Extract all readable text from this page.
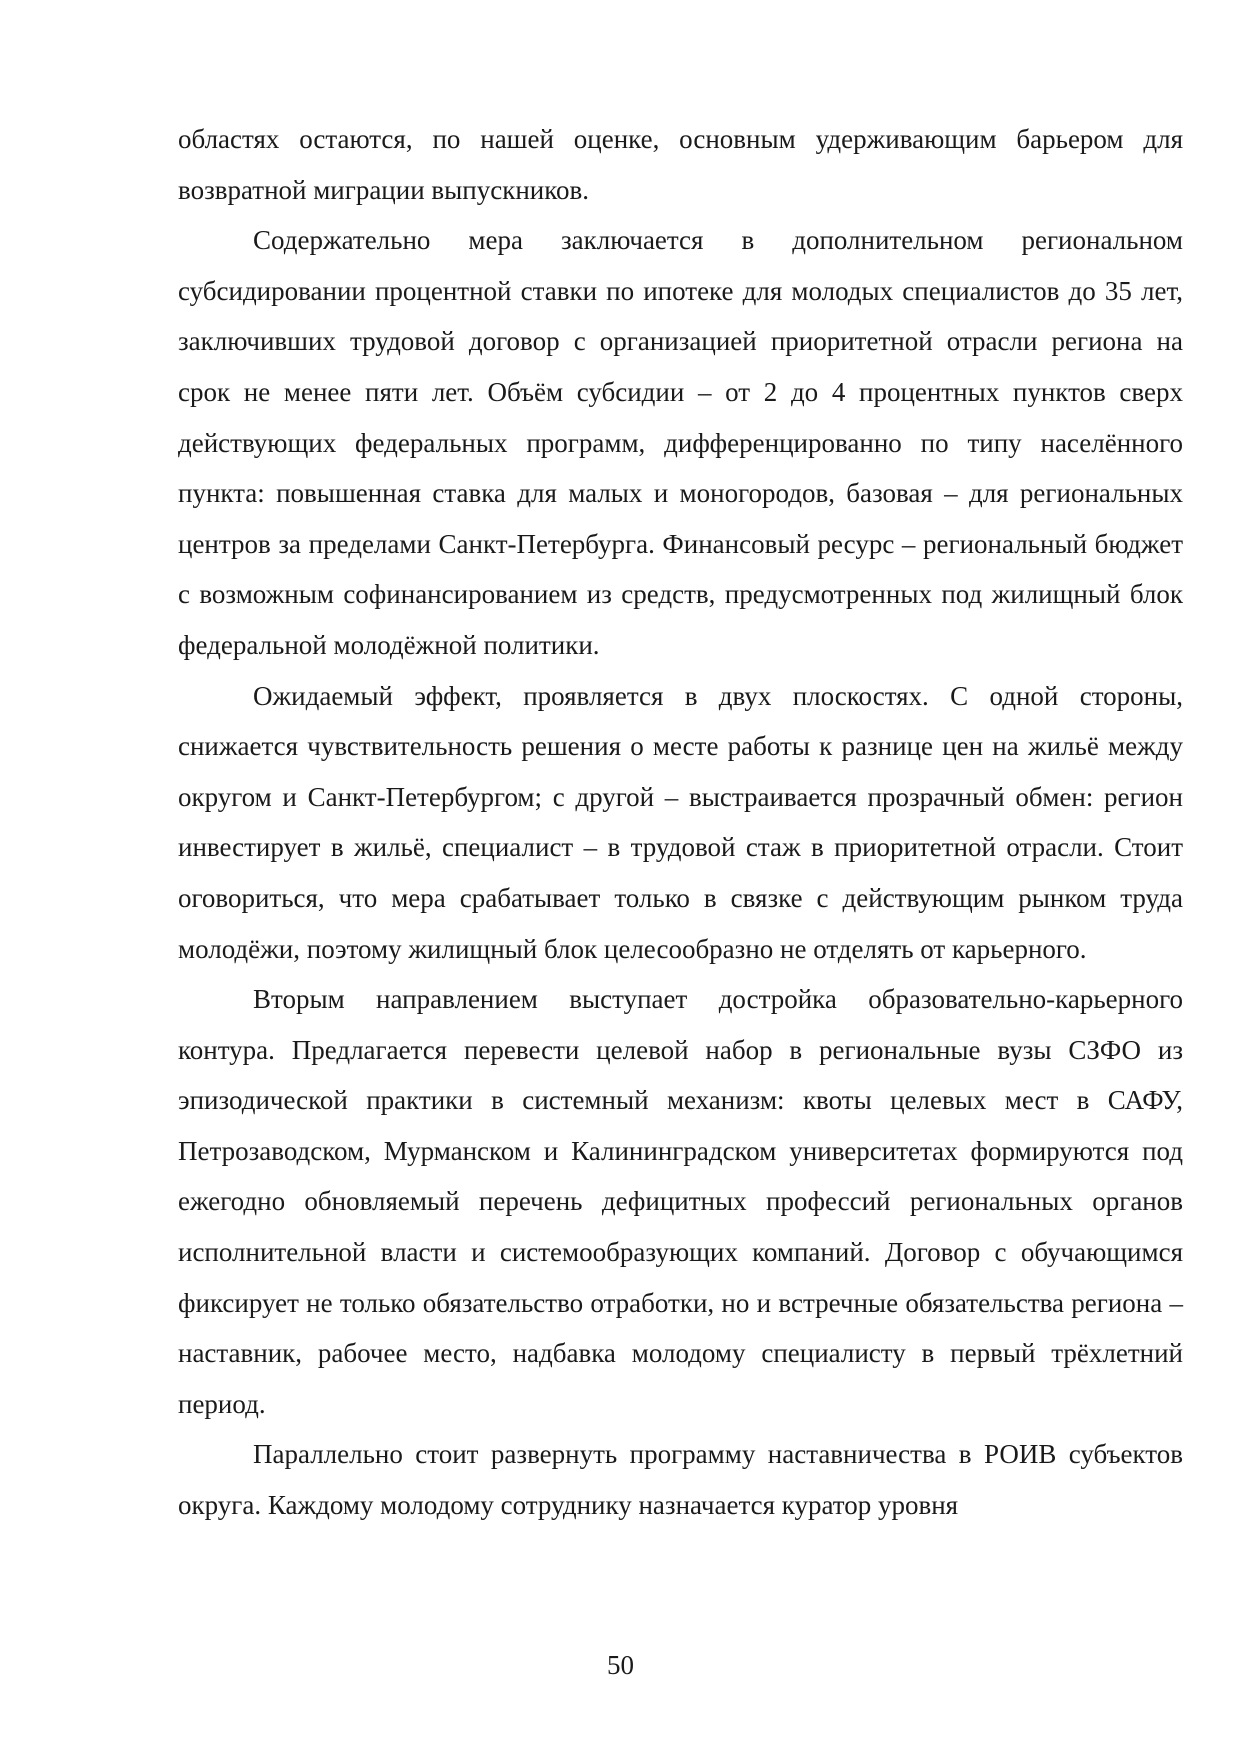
областях остаются, по нашей оценке, основным удерживающим барьером для возвратной миграции выпускников.

Содержательно мера заключается в дополнительном региональном субсидировании процентной ставки по ипотеке для молодых специалистов до 35 лет, заключивших трудовой договор с организацией приоритетной отрасли региона на срок не менее пяти лет. Объём субсидии – от 2 до 4 процентных пунктов сверх действующих федеральных программ, дифференцированно по типу населённого пункта: повышенная ставка для малых и моногородов, базовая – для региональных центров за пределами Санкт-Петербурга. Финансовый ресурс – региональный бюджет с возможным софинансированием из средств, предусмотренных под жилищный блок федеральной молодёжной политики.

Ожидаемый эффект, проявляется в двух плоскостях. С одной стороны, снижается чувствительность решения о месте работы к разнице цен на жильё между округом и Санкт-Петербургом; с другой – выстраивается прозрачный обмен: регион инвестирует в жильё, специалист – в трудовой стаж в приоритетной отрасли. Стоит оговориться, что мера срабатывает только в связке с действующим рынком труда молодёжи, поэтому жилищный блок целесообразно не отделять от карьерного.

Вторым направлением выступает достройка образовательно-карьерного контура. Предлагается перевести целевой набор в региональные вузы СЗФО из эпизодической практики в системный механизм: квоты целевых мест в САФУ, Петрозаводском, Мурманском и Калининградском университетах формируются под ежегодно обновляемый перечень дефицитных профессий региональных органов исполнительной власти и системообразующих компаний. Договор с обучающимся фиксирует не только обязательство отработки, но и встречные обязательства региона – наставник, рабочее место, надбавка молодому специалисту в первый трёхлетний период.

Параллельно стоит развернуть программу наставничества в РОИВ субъектов округа. Каждому молодому сотруднику назначается куратор уровня

50
